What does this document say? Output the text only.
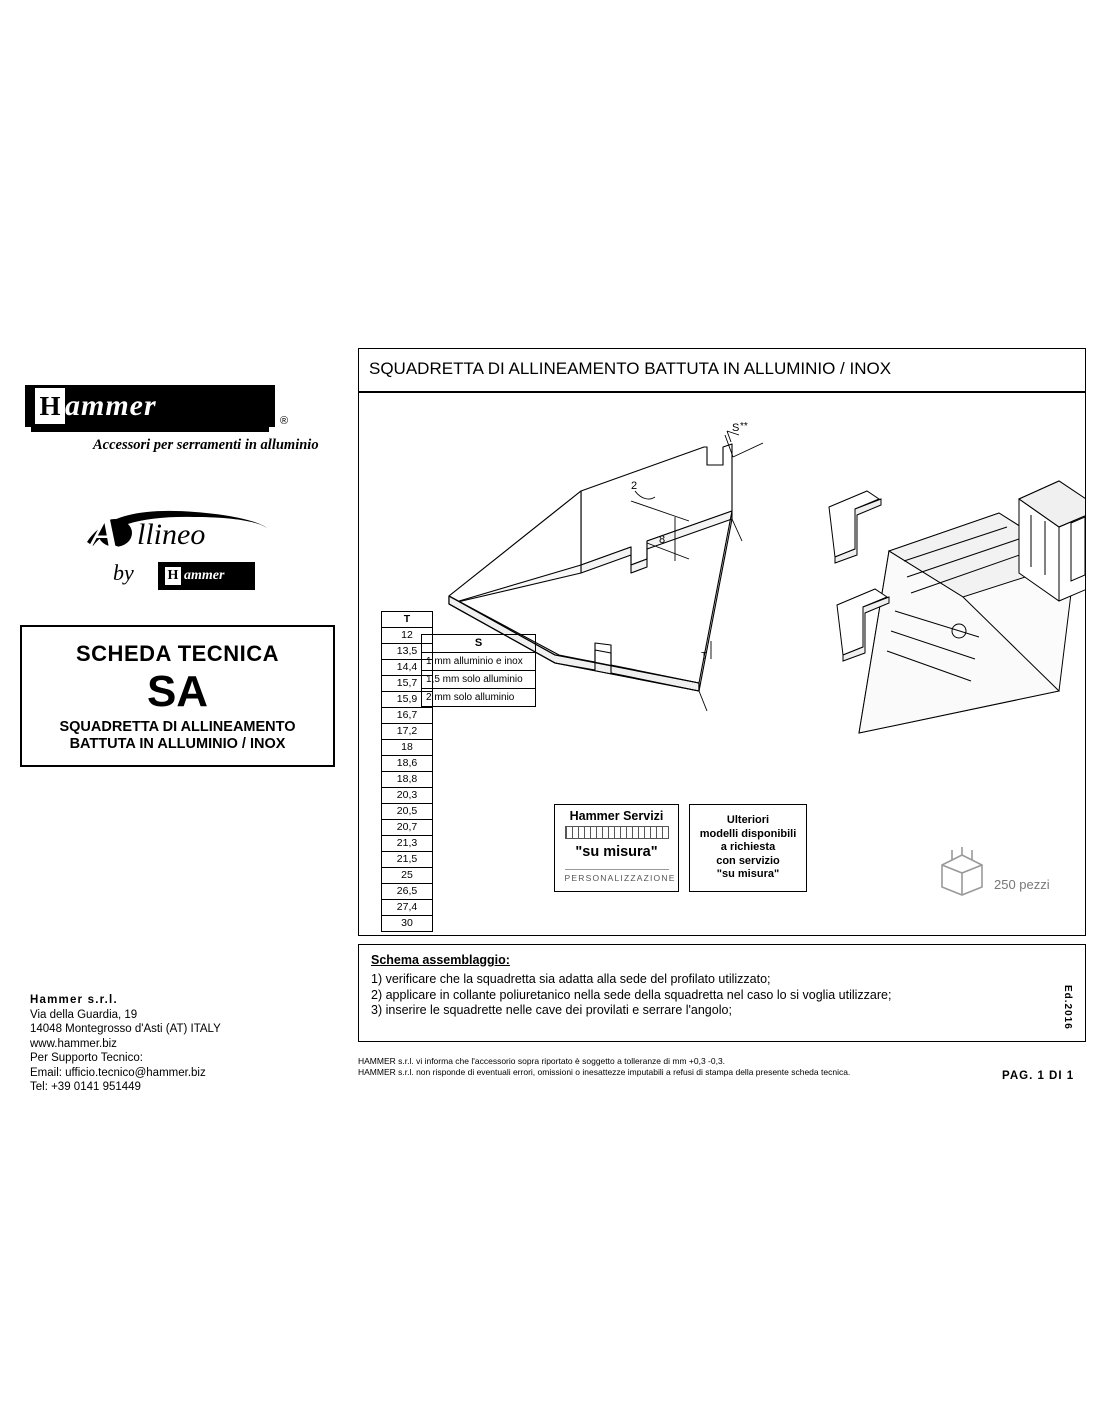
H ammer	®
Accessori per serramenti in alluminio
A llineo
by H ammer
SCHEDA TECNICA
SA
SQUADRETTA DI ALLINEAMENTO
BATTUTA IN ALLUMINIO / INOX
Hammer s.r.l.
Via della Guardia, 19
14048 Montegrosso d'Asti (AT) ITALY
www.hammer.biz
Per Supporto Tecnico:
Email: ufficio.tecnico@hammer.biz
Tel: +39 0141 951449
SQUADRETTA DI ALLINEAMENTO BATTUTA IN ALLUMINIO / INOX
S **
8
2
T
T
12
13,5
14,4
15,7
15,9
16,7
17,2
18
18,6
18,8
20,3
20,5
20,7
21,3
21,5
25
26,5
27,4
30
S
1 mm alluminio e inox
1,5 mm solo alluminio
2 mm solo alluminio
Hammer Servizi
"su misura"
PERSONALIZZAZIONE
Ulteriori
modelli disponibili
a richiesta
con servizio
"su misura"
250 pezzi
Schema assemblaggio:
1) verificare che la squadretta sia adatta alla sede del profilato utilizzato;
2) applicare in collante poliuretanico nella sede della squadretta nel caso lo si voglia utilizzare;
3) inserire le squadrette nelle cave dei provilati e serrare l'angolo;
HAMMER s.r.l. vi informa che l'accessorio sopra riportato è soggetto a tolleranze di mm +0,3 -0,3.
HAMMER s.r.l. non risponde di eventuali errori, omissioni o inesattezze imputabili a refusi di stampa della presente scheda tecnica.	PAG. 1 DI 1
Ed.2016
